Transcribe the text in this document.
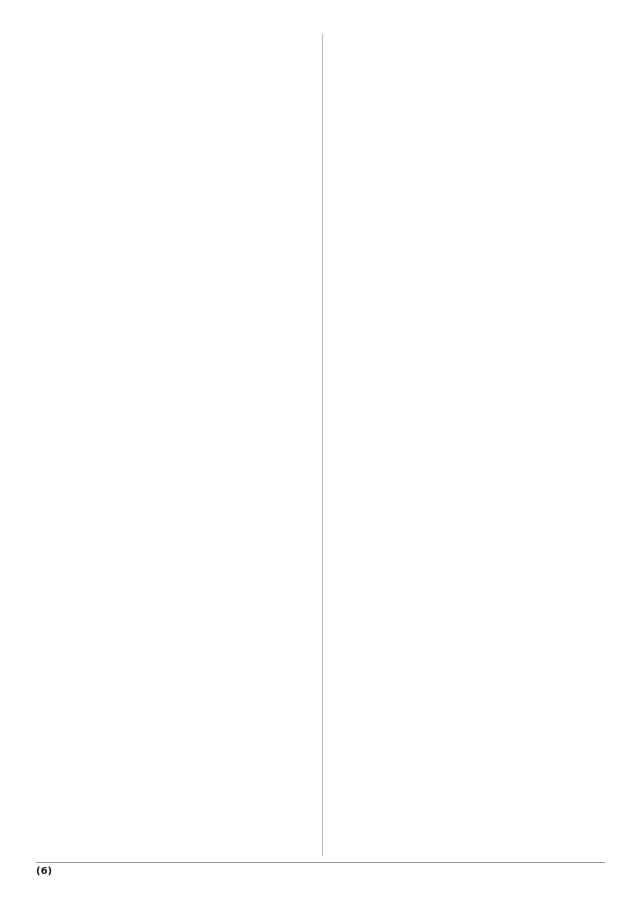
(6)
